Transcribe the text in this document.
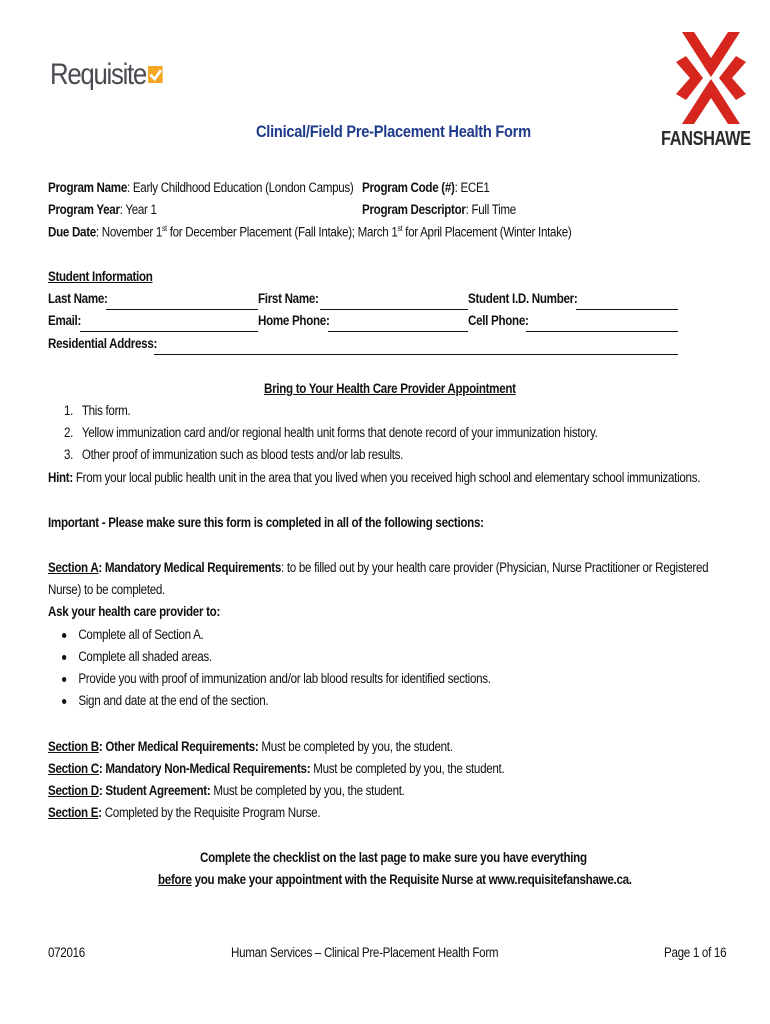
Requisite
FANSHAWE
Clinical/Field Pre-Placement Health Form
Program Name: Early Childhood Education (London Campus) Program Code (#): ECE1
Program Year: Year 1	Program Descriptor: Full Time
Due Date: November 1st for December Placement (Fall Intake); March 1st for April Placement (Winter Intake)
Student Information
Last Name:	First Name:	Student I.D. Number:
Email:	Home Phone:	Cell Phone:
Residential Address:
Bring to Your Health Care Provider Appointment
1.   This form.
2.   Yellow immunization card and/or regional health unit forms that denote record of your immunization history.
3.   Other proof of immunization such as blood tests and/or lab results.
Hint: From your local public health unit in the area that you lived when you received high school and elementary school immunizations.
Important - Please make sure this form is completed in all of the following sections:
Section A: Mandatory Medical Requirements: to be filled out by your health care provider (Physician, Nurse Practitioner or Registered
Nurse) to be completed.
Ask your health care provider to:
Complete all of Section A.
Complete all shaded areas.
Provide you with proof of immunization and/or lab blood results for identified sections.
Sign and date at the end of the section.
Section B: Other Medical Requirements: Must be completed by you, the student.
Section C: Mandatory Non-Medical Requirements: Must be completed by you, the student.
Section D: Student Agreement: Must be completed by you, the student.
Section E: Completed by the Requisite Program Nurse.
Complete the checklist on the last page to make sure you have everything
before you make your appointment with the Requisite Nurse at www.requisitefanshawe.ca.
072016	Human Services – Clinical Pre-Placement Health Form	Page 1 of 16
